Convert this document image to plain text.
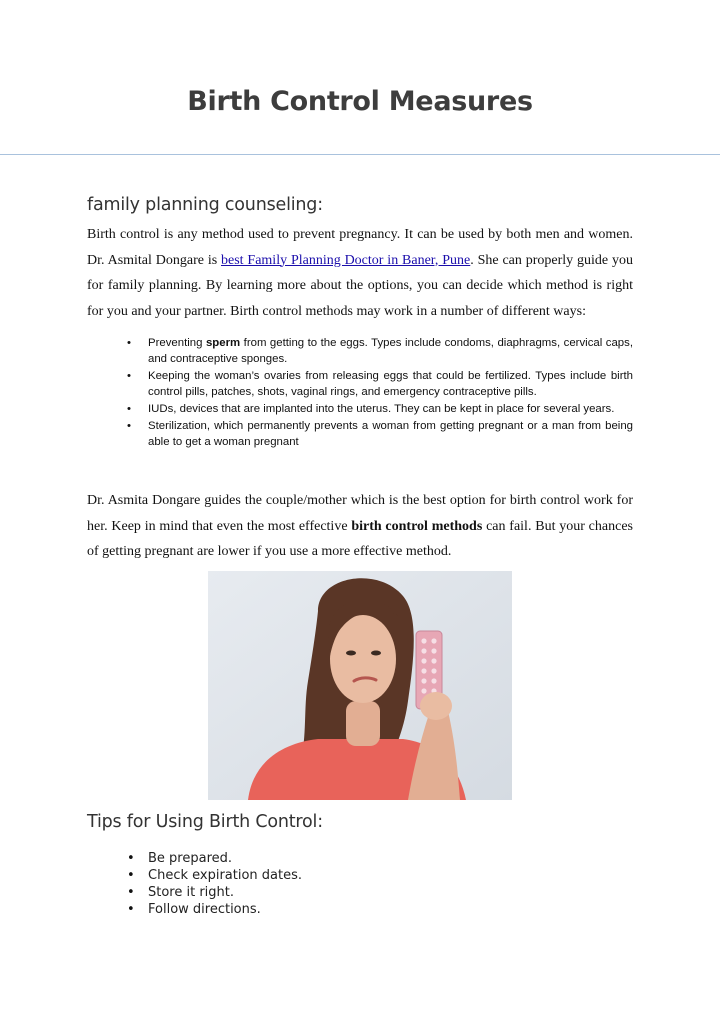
Birth Control Measures
family planning counseling:

Birth control is any method used to prevent pregnancy. It can be used by both men and women. Dr. Asmital Dongare is best Family Planning Doctor in Baner, Pune. She can properly guide you for family planning. By learning more about the options, you can decide which method is right for you and your partner. Birth control methods may work in a number of different ways:

• Preventing sperm from getting to the eggs. Types include condoms, diaphragms, cervical caps, and contraceptive sponges.
• Keeping the woman’s ovaries from releasing eggs that could be fertilized. Types include birth control pills, patches, shots, vaginal rings, and emergency contraceptive pills.
• IUDs, devices that are implanted into the uterus. They can be kept in place for several years.
• Sterilization, which permanently prevents a woman from getting pregnant or a man from being able to get a woman pregnant

Dr. Asmita Dongare guides the couple/mother which is the best option for birth control work for her. Keep in mind that even the most effective birth control methods can fail. But your chances of getting pregnant are lower if you use a more effective method.

Tips for Using Birth Control:
• Be prepared.
• Check expiration dates.
• Store it right.
• Follow directions.
